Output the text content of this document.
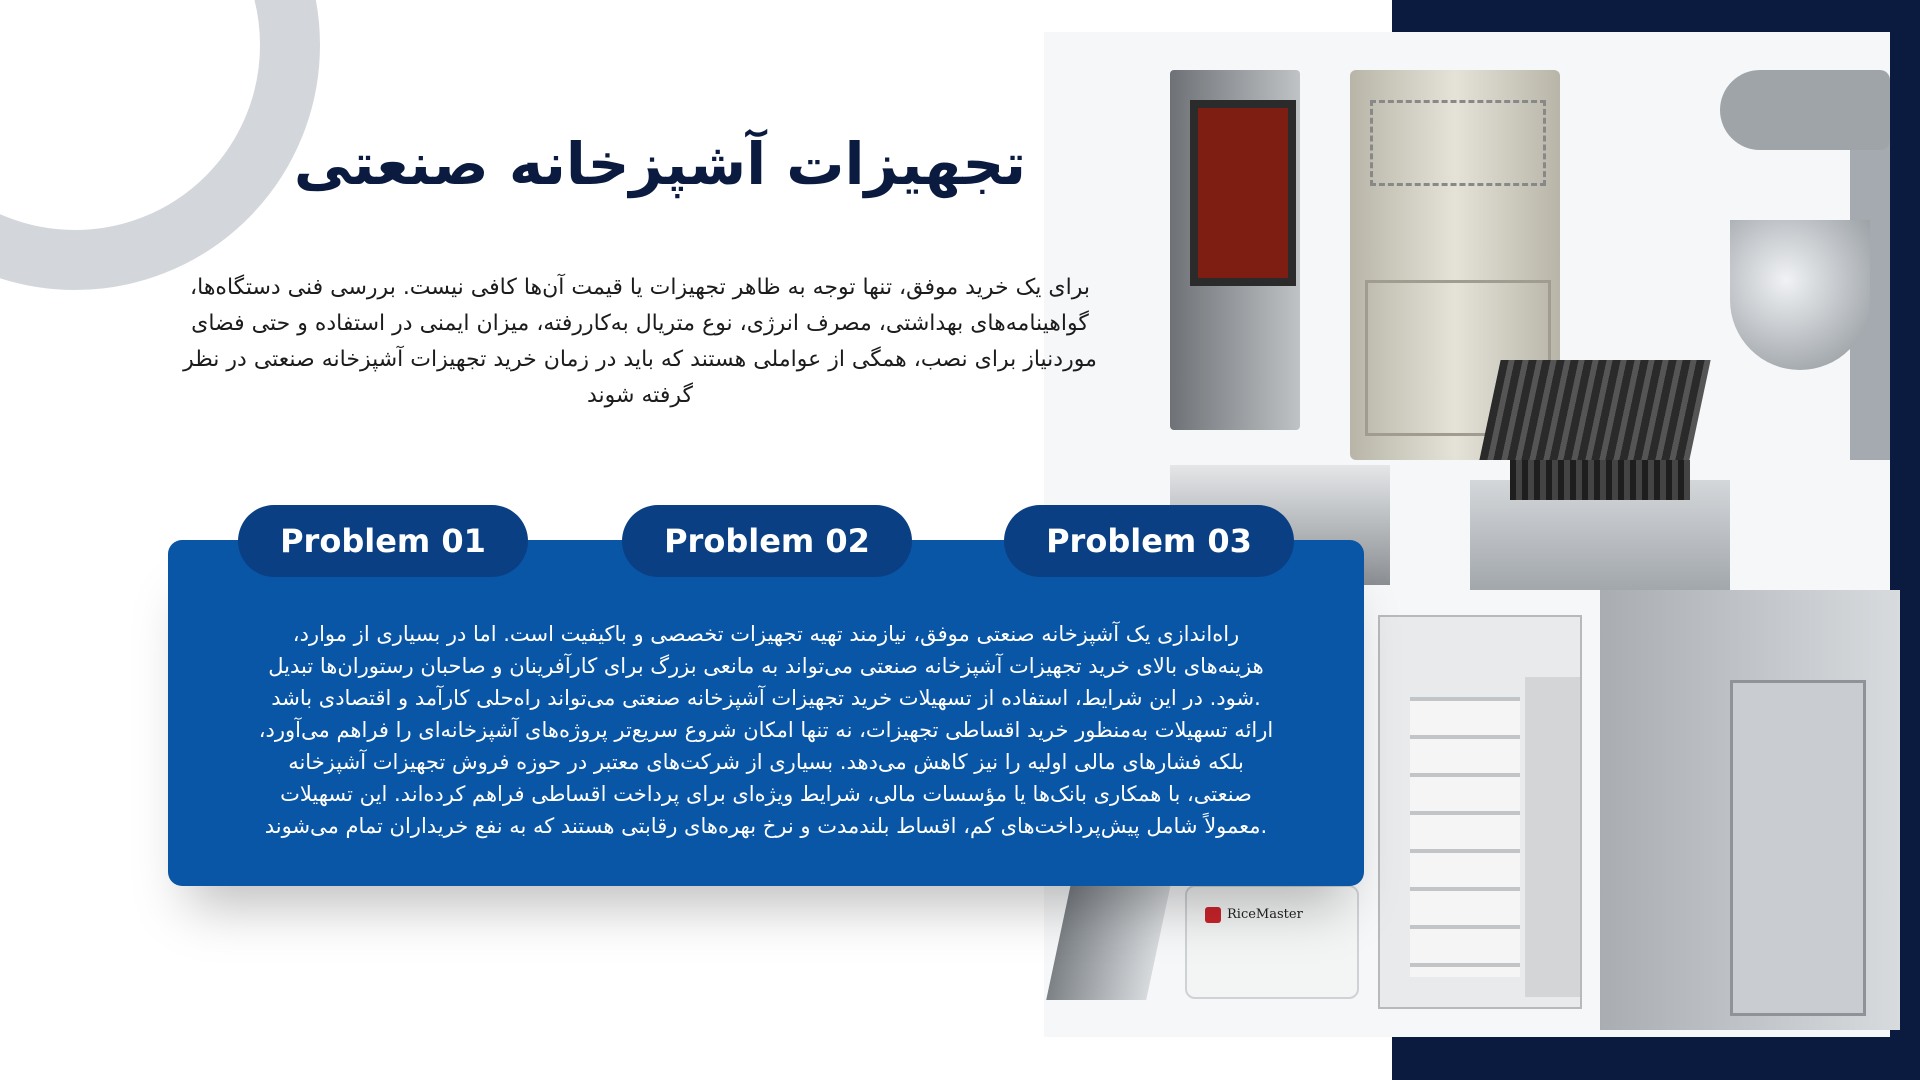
RiceMaster
تجهیزات آشپزخانه صنعتی

برای یک خرید موفق، تنها توجه به ظاهر تجهیزات یا قیمت آن‌ها کافی نیست. بررسی فنی دستگاه‌ها، گواهینامه‌های بهداشتی، مصرف انرژی، نوع متریال به‌کاررفته، میزان ایمنی در استفاده و حتی فضای موردنیاز برای نصب، همگی از عواملی هستند که باید در زمان خرید تجهیزات آشپزخانه صنعتی در نظر گرفته شوند

Problem 01	Problem 02	Problem 03
راه‌اندازی یک آشپزخانه صنعتی موفق، نیازمند تهیه تجهیزات تخصصی و باکیفیت است. اما در بسیاری از موارد،
هزینه‌های بالای خرید تجهیزات آشپزخانه صنعتی می‌تواند به مانعی بزرگ برای کارآفرینان و صاحبان رستوران‌ها تبدیل
.شود. در این شرایط، استفاده از تسهیلات خرید تجهیزات آشپزخانه صنعتی می‌تواند راه‌حلی کارآمد و اقتصادی باشد
ارائه تسهیلات به‌منظور خرید اقساطی تجهیزات، نه تنها امکان شروع سریع‌تر پروژه‌های آشپزخانه‌ای را فراهم می‌آورد،
بلکه فشارهای مالی اولیه را نیز کاهش می‌دهد. بسیاری از شرکت‌های معتبر در حوزه فروش تجهیزات آشپزخانه
صنعتی، با همکاری بانک‌ها یا مؤسسات مالی، شرایط ویژه‌ای برای پرداخت اقساطی فراهم کرده‌اند. این تسهیلات
.معمولاً شامل پیش‌پرداخت‌های کم، اقساط بلندمدت و نرخ بهره‌های رقابتی هستند که به نفع خریداران تمام می‌شوند
